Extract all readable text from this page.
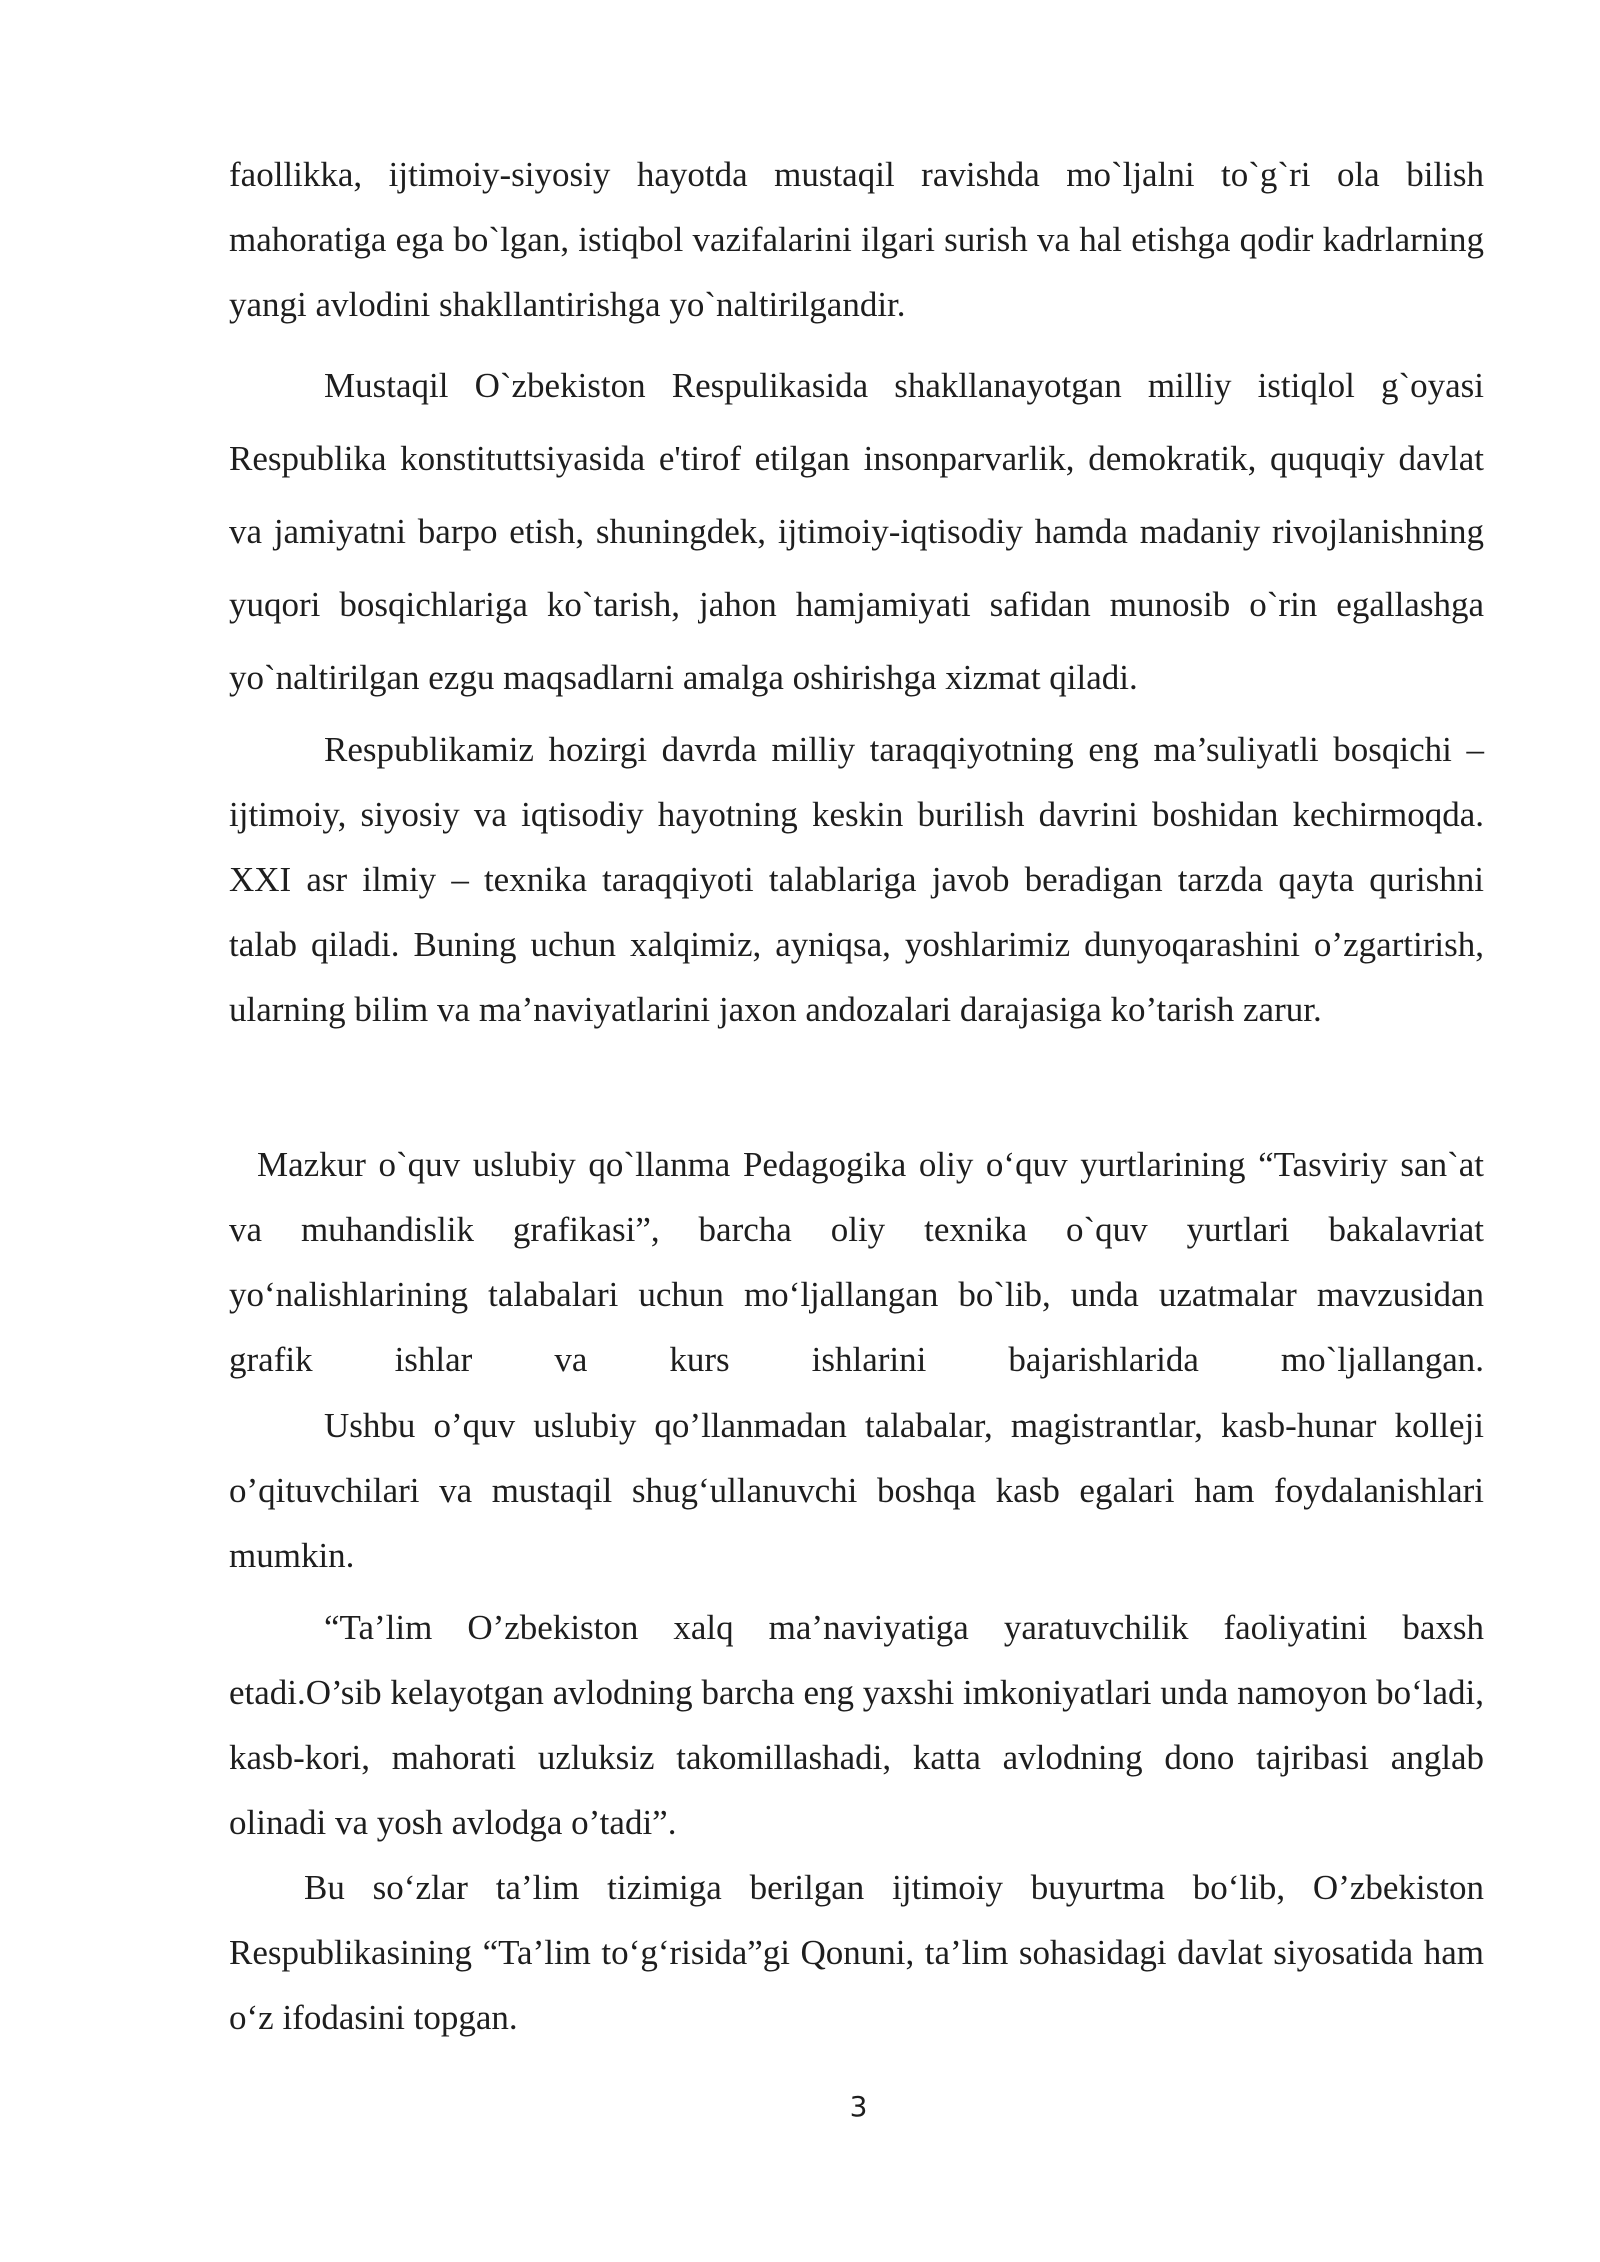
faollikka, ijtimoiy-siyosiy hayotda mustaqil ravishda mo`ljalni to`g`ri ola bilish mahoratiga ega bo`lgan, istiqbol vazifalarini ilgari surish va hal etishga qodir kadrlarning yangi avlodini shakllantirishga yo`naltirilgandir.

Mustaqil O`zbekiston Respulikasida shakllanayotgan milliy istiqlol g`oyasi Respublika konstituttsiyasida e'tirof etilgan insonparvarlik, demokratik, ququqiy davlat va jamiyatni barpo etish, shuningdek, ijtimoiy-iqtisodiy hamda madaniy rivojlanishning yuqori bosqichlariga ko`tarish, jahon hamjamiyati safidan munosib o`rin egallashga yo`naltirilgan ezgu maqsadlarni amalga oshirishga xizmat qiladi.

Respublikamiz hozirgi davrda milliy taraqqiyotning eng ma’suliyatli bosqichi – ijtimoiy, siyosiy va iqtisodiy hayotning keskin burilish davrini boshidan kechirmoqda. XXI asr ilmiy – texnika taraqqiyoti talablariga javob beradigan tarzda qayta qurishni talab qiladi. Buning uchun xalqimiz, ayniqsa, yoshlarimiz dunyoqarashini o’zgartirish, ularning bilim va ma’naviyatlarini jaxon andozalari darajasiga ko’tarish zarur.

Mazkur o`quv uslubiy qo`llanma Pedagogika oliy o‘quv yurtlarining “Tasviriy san`at va muhandislik grafikasi”, barcha oliy texnika o`quv yurtlari bakalavriat yo‘nalishlarining talabalari uchun mo‘ljallangan bo`lib, unda uzatmalar mavzusidan grafik ishlar va kurs ishlarini bajarishlarida mo`ljallangan.

Ushbu o’quv uslubiy qo’llanmadan talabalar, magistrantlar, kasb-hunar kolleji o’qituvchilari va mustaqil shug‘ullanuvchi boshqa kasb egalari ham foydalanishlari mumkin.

“Ta’lim O’zbekiston xalq ma’naviyatiga yaratuvchilik faoliyatini baxsh etadi.O’sib kelayotgan avlodning barcha eng yaxshi imkoniyatlari unda namoyon bo‘ladi, kasb-kori, mahorati uzluksiz takomillashadi, katta avlodning dono tajribasi anglab olinadi va yosh avlodga o’tadi”.

Bu so‘zlar ta’lim tizimiga berilgan ijtimoiy buyurtma bo‘lib, O’zbekiston Respublikasining “Ta’lim to‘g‘risida”gi Qonuni, ta’lim sohasidagi davlat siyosatida ham o‘z ifodasini topgan.

3
